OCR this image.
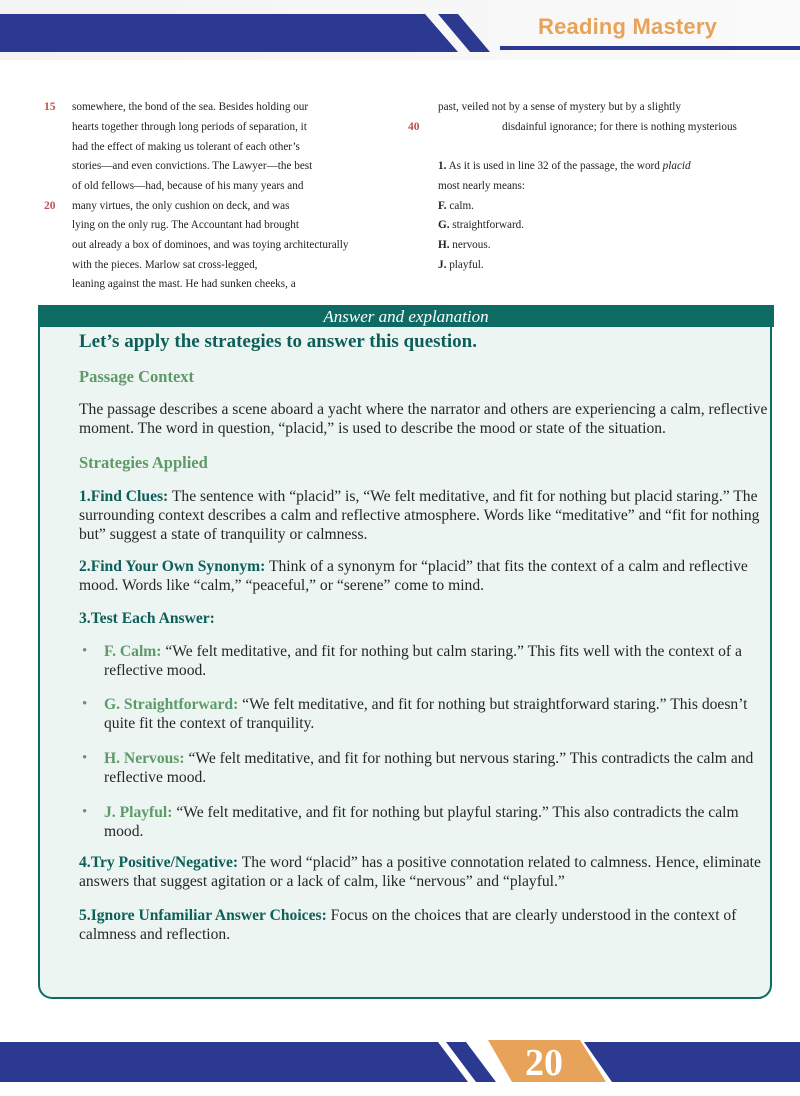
Reading Mastery
15
20
40
somewhere, the bond of the sea. Besides holding our
hearts together through long periods of separation, it
had the effect of making us tolerant of each other’s
stories—and even convictions. The Lawyer—the best
of old fellows—had, because of his many years and
many virtues, the only cushion on deck, and was
lying on the only rug. The Accountant had brought
out already a box of dominoes, and was toying architecturally
with the pieces. Marlow sat cross-legged,
leaning against the mast. He had sunken cheeks, a
past, veiled not by a sense of mystery but by a slightly
disdainful ignorance; for there is nothing mysterious
1. As it is used in line 32 of the passage, the word placid
most nearly means:
F. calm.
G. straightforward.
H. nervous.
J. playful.
Answer and explanation
Let’s apply the strategies to answer this question.
Passage Context
The passage describes a scene aboard a yacht where the narrator and others are experiencing a calm, reflective moment. The word in question, “placid,” is used to describe the mood or state of the situation.
Strategies Applied
1.Find Clues: The sentence with “placid” is, “We felt meditative, and fit for nothing but placid staring.” The surrounding context describes a calm and reflective atmosphere. Words like “meditative” and “fit for nothing but” suggest a state of tranquility or calmness.
2.Find Your Own Synonym: Think of a synonym for “placid” that fits the context of a calm and reflective mood. Words like “calm,” “peaceful,” or “serene” come to mind.
3.Test Each Answer:
• F. Calm: “We felt meditative, and fit for nothing but calm staring.” This fits well with the context of a reflective mood.
• G. Straightforward: “We felt meditative, and fit for nothing but straightforward staring.” This doesn’t quite fit the context of tranquility.
• H. Nervous: “We felt meditative, and fit for nothing but nervous staring.” This contradicts the calm and reflective mood.
• J. Playful: “We felt meditative, and fit for nothing but playful staring.” This also contradicts the calm mood.
4.Try Positive/Negative: The word “placid” has a positive connotation related to calmness. Hence, eliminate answers that suggest agitation or a lack of calm, like “nervous” and “playful.”
5.Ignore Unfamiliar Answer Choices: Focus on the choices that are clearly understood in the context of calmness and reflection.
20
